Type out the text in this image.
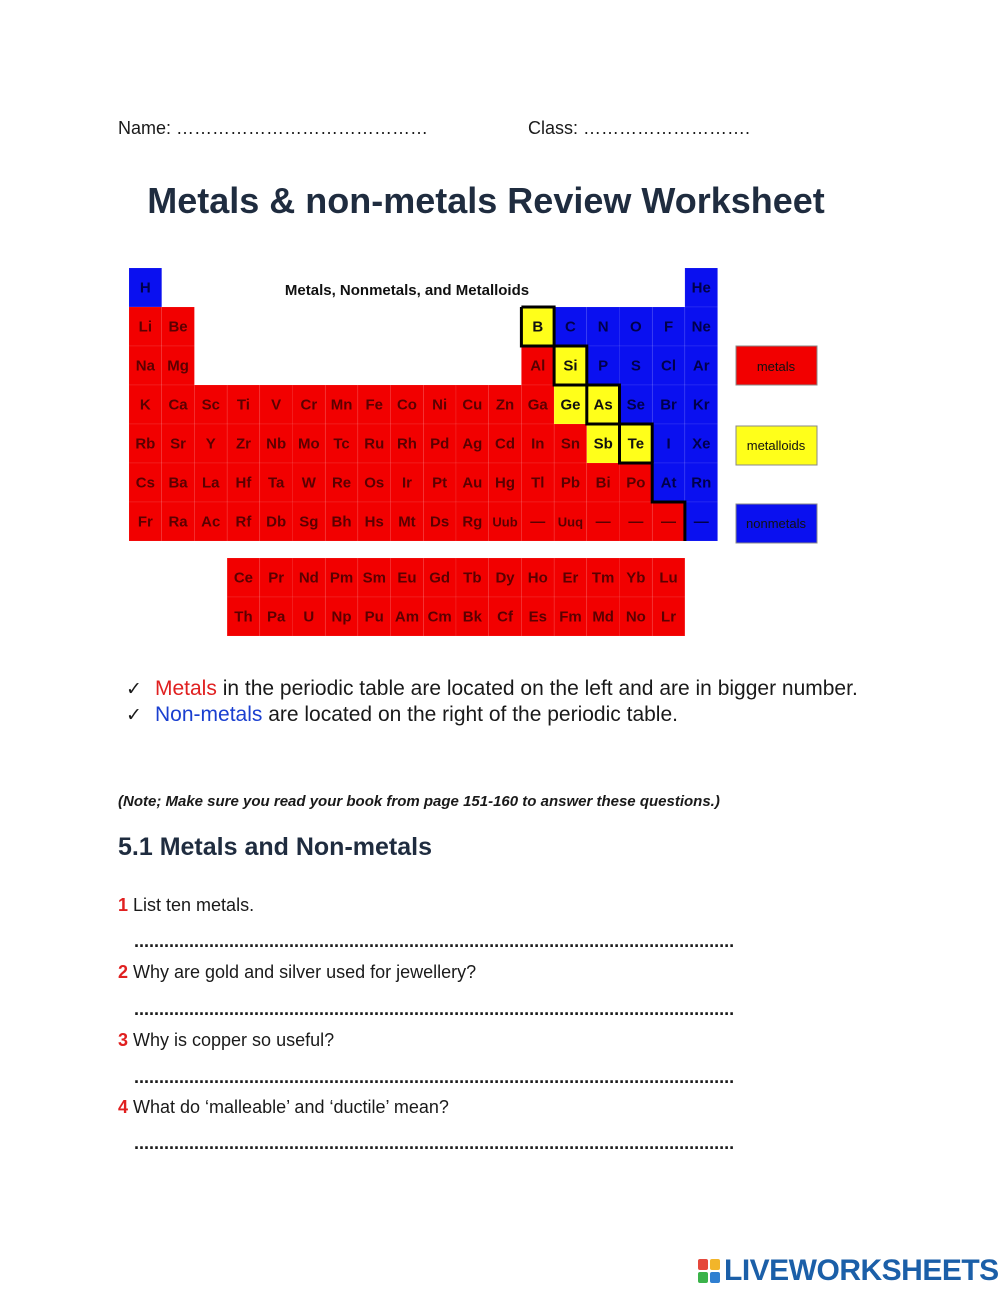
Name: ……………………………………	Class: ……………………….
Metals & non-metals Review Worksheet
Metals, Nonmetals, and Metalloids
H	He
Li Be	B C N O F Ne
Na Mg	Al Si P S Cl Ar
K Ca Sc Ti V Cr Mn Fe Co Ni Cu Zn Ga Ge As Se Br Kr
Rb Sr Y Zr Nb Mo Tc Ru Rh Pd Ag Cd In Sn Sb Te I Xe
Cs Ba La Hf Ta W Re Os Ir Pt Au Hg Tl Pb Bi Po At Rn
Fr Ra Ac Rf Db Sg Bh Hs Mt Ds Rg Uub — Uuq — — — —
Ce Pr Nd Pm Sm Eu Gd Tb Dy Ho Er Tm Yb Lu
Th Pa U Np Pu Am Cm Bk Cf Es Fm Md No Lr
metals
metalloids
nonmetals
✓ Metals in the periodic table are located on the left and are in bigger number.
✓ Non-metals are located on the right of the periodic table.
(Note; Make sure you read your book from page 151-160 to answer these questions.)
5.1 Metals and Non-metals
1 List ten metals.
........................................................................................................................
2 Why are gold and silver used for jewellery?
........................................................................................................................
3 Why is copper so useful?
........................................................................................................................
4 What do ‘malleable’ and ‘ductile’ mean?
........................................................................................................................
LIVEWORKSHEETS
